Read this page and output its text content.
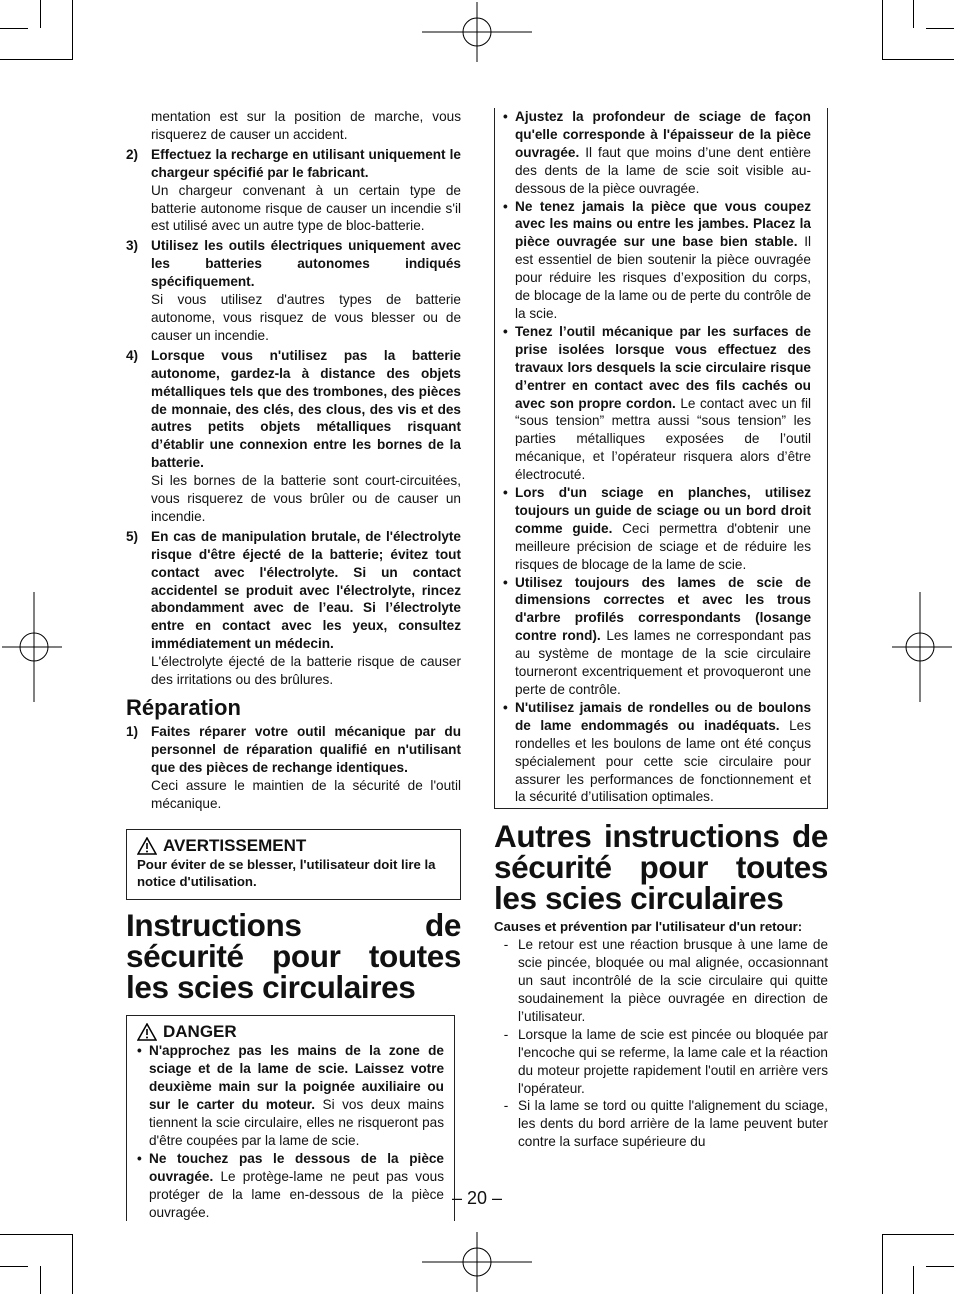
mentation est sur la position de marche, vous risquerez de causer un accident.
2) Effectuez la recharge en utilisant uniquement le chargeur spécifié par le fabricant.
Un chargeur convenant à un certain type de batterie autonome risque de causer un incendie s'il est utilisé avec un autre type de bloc-batterie.
3) Utilisez les outils électriques uniquement avec les batteries autonomes indiqués spécifiquement.
Si vous utilisez d'autres types de batterie autonome, vous risquez de vous blesser ou de causer un incendie.
4) Lorsque vous n'utilisez pas la batterie autonome, gardez-la à distance des objets métalliques tels que des trombones, des pièces de monnaie, des clés, des clous, des vis et des autres petits objets métalliques risquant d’établir une connexion entre les bornes de la batterie.
Si les bornes de la batterie sont court-circuitées, vous risquerez de vous brûler ou de causer un incendie.
5) En cas de manipulation brutale, de l'électrolyte risque d'être éjecté de la batterie; évitez tout contact avec l'électrolyte. Si un contact accidentel se produit avec l'électrolyte, rincez abondamment avec de l’eau. Si l’électrolyte entre en contact avec les yeux, consultez immédiatement un médecin.
L'électrolyte éjecté de la batterie risque de causer des irritations ou des brûlures.
Réparation
1) Faites réparer votre outil mécanique par du personnel de réparation qualifié en n'utilisant que des pièces de rechange identiques.
Ceci assure le maintien de la sécurité de l'outil mécanique.
AVERTISSEMENT
Pour éviter de se blesser, l'utilisateur doit lire la notice d'utilisation.
Instructions de sécurité pour toutes les scies circulaires
DANGER
• N'approchez pas les mains de la zone de sciage et de la lame de scie. Laissez votre deuxième main sur la poignée auxiliaire ou sur le carter du moteur. Si vos deux mains tiennent la scie circulaire, elles ne risqueront pas d'être coupées par la lame de scie.
• Ne touchez pas le dessous de la pièce ouvragée. Le protège-lame ne peut pas vous protéger de la lame en-dessous de la pièce ouvragée.
• Ajustez la profondeur de sciage de façon qu'elle corresponde à l'épaisseur de la pièce ouvragée. Il faut que moins d’une dent entière des dents de la lame de scie soit visible au-dessous de la pièce ouvragée.
• Ne tenez jamais la pièce que vous coupez avec les mains ou entre les jambes. Placez la pièce ouvragée sur une base bien stable. Il est essentiel de bien soutenir la pièce ouvragée pour réduire les risques d’exposition du corps, de blocage de la lame ou de perte du contrôle de la scie.
• Tenez l’outil mécanique par les surfaces de prise isolées lorsque vous effectuez des travaux lors desquels la scie circulaire risque d’entrer en contact avec des fils cachés ou avec son propre cordon. Le contact avec un fil “sous tension” mettra aussi “sous tension” les parties métalliques exposées de l’outil mécanique, et l’opérateur risquera alors d’être électrocuté.
• Lors d'un sciage en planches, utilisez toujours un guide de sciage ou un bord droit comme guide. Ceci permettra d'obtenir une meilleure précision de sciage et de réduire les risques de blocage de la lame de scie.
• Utilisez toujours des lames de scie de dimensions correctes et avec les trous d'arbre profilés correspondants (losange contre rond). Les lames ne correspondant pas au système de montage de la scie circulaire tourneront excentriquement et provoqueront une perte de contrôle.
• N'utilisez jamais de rondelles ou de boulons de lame endommagés ou inadéquats. Les rondelles et les boulons de lame ont été conçus spécialement pour cette scie circulaire pour assurer les performances de fonctionnement et la sécurité d’utilisation optimales.
Autres instructions de sécurité pour toutes les scies circulaires
Causes et prévention par l'utilisateur d'un retour:
- Le retour est une réaction brusque à une lame de scie pincée, bloquée ou mal alignée, occasionnant un saut incontrôlé de la scie circulaire qui quitte soudainement la pièce ouvragée en direction de l’utilisateur.
- Lorsque la lame de scie est pincée ou bloquée par l'encoche qui se referme, la lame cale et la réaction du moteur projette rapidement l'outil en arrière vers l'opérateur.
- Si la lame se tord ou quitte l'alignement du sciage, les dents du bord arrière de la lame peuvent buter contre la surface supérieure du
– 20 –
